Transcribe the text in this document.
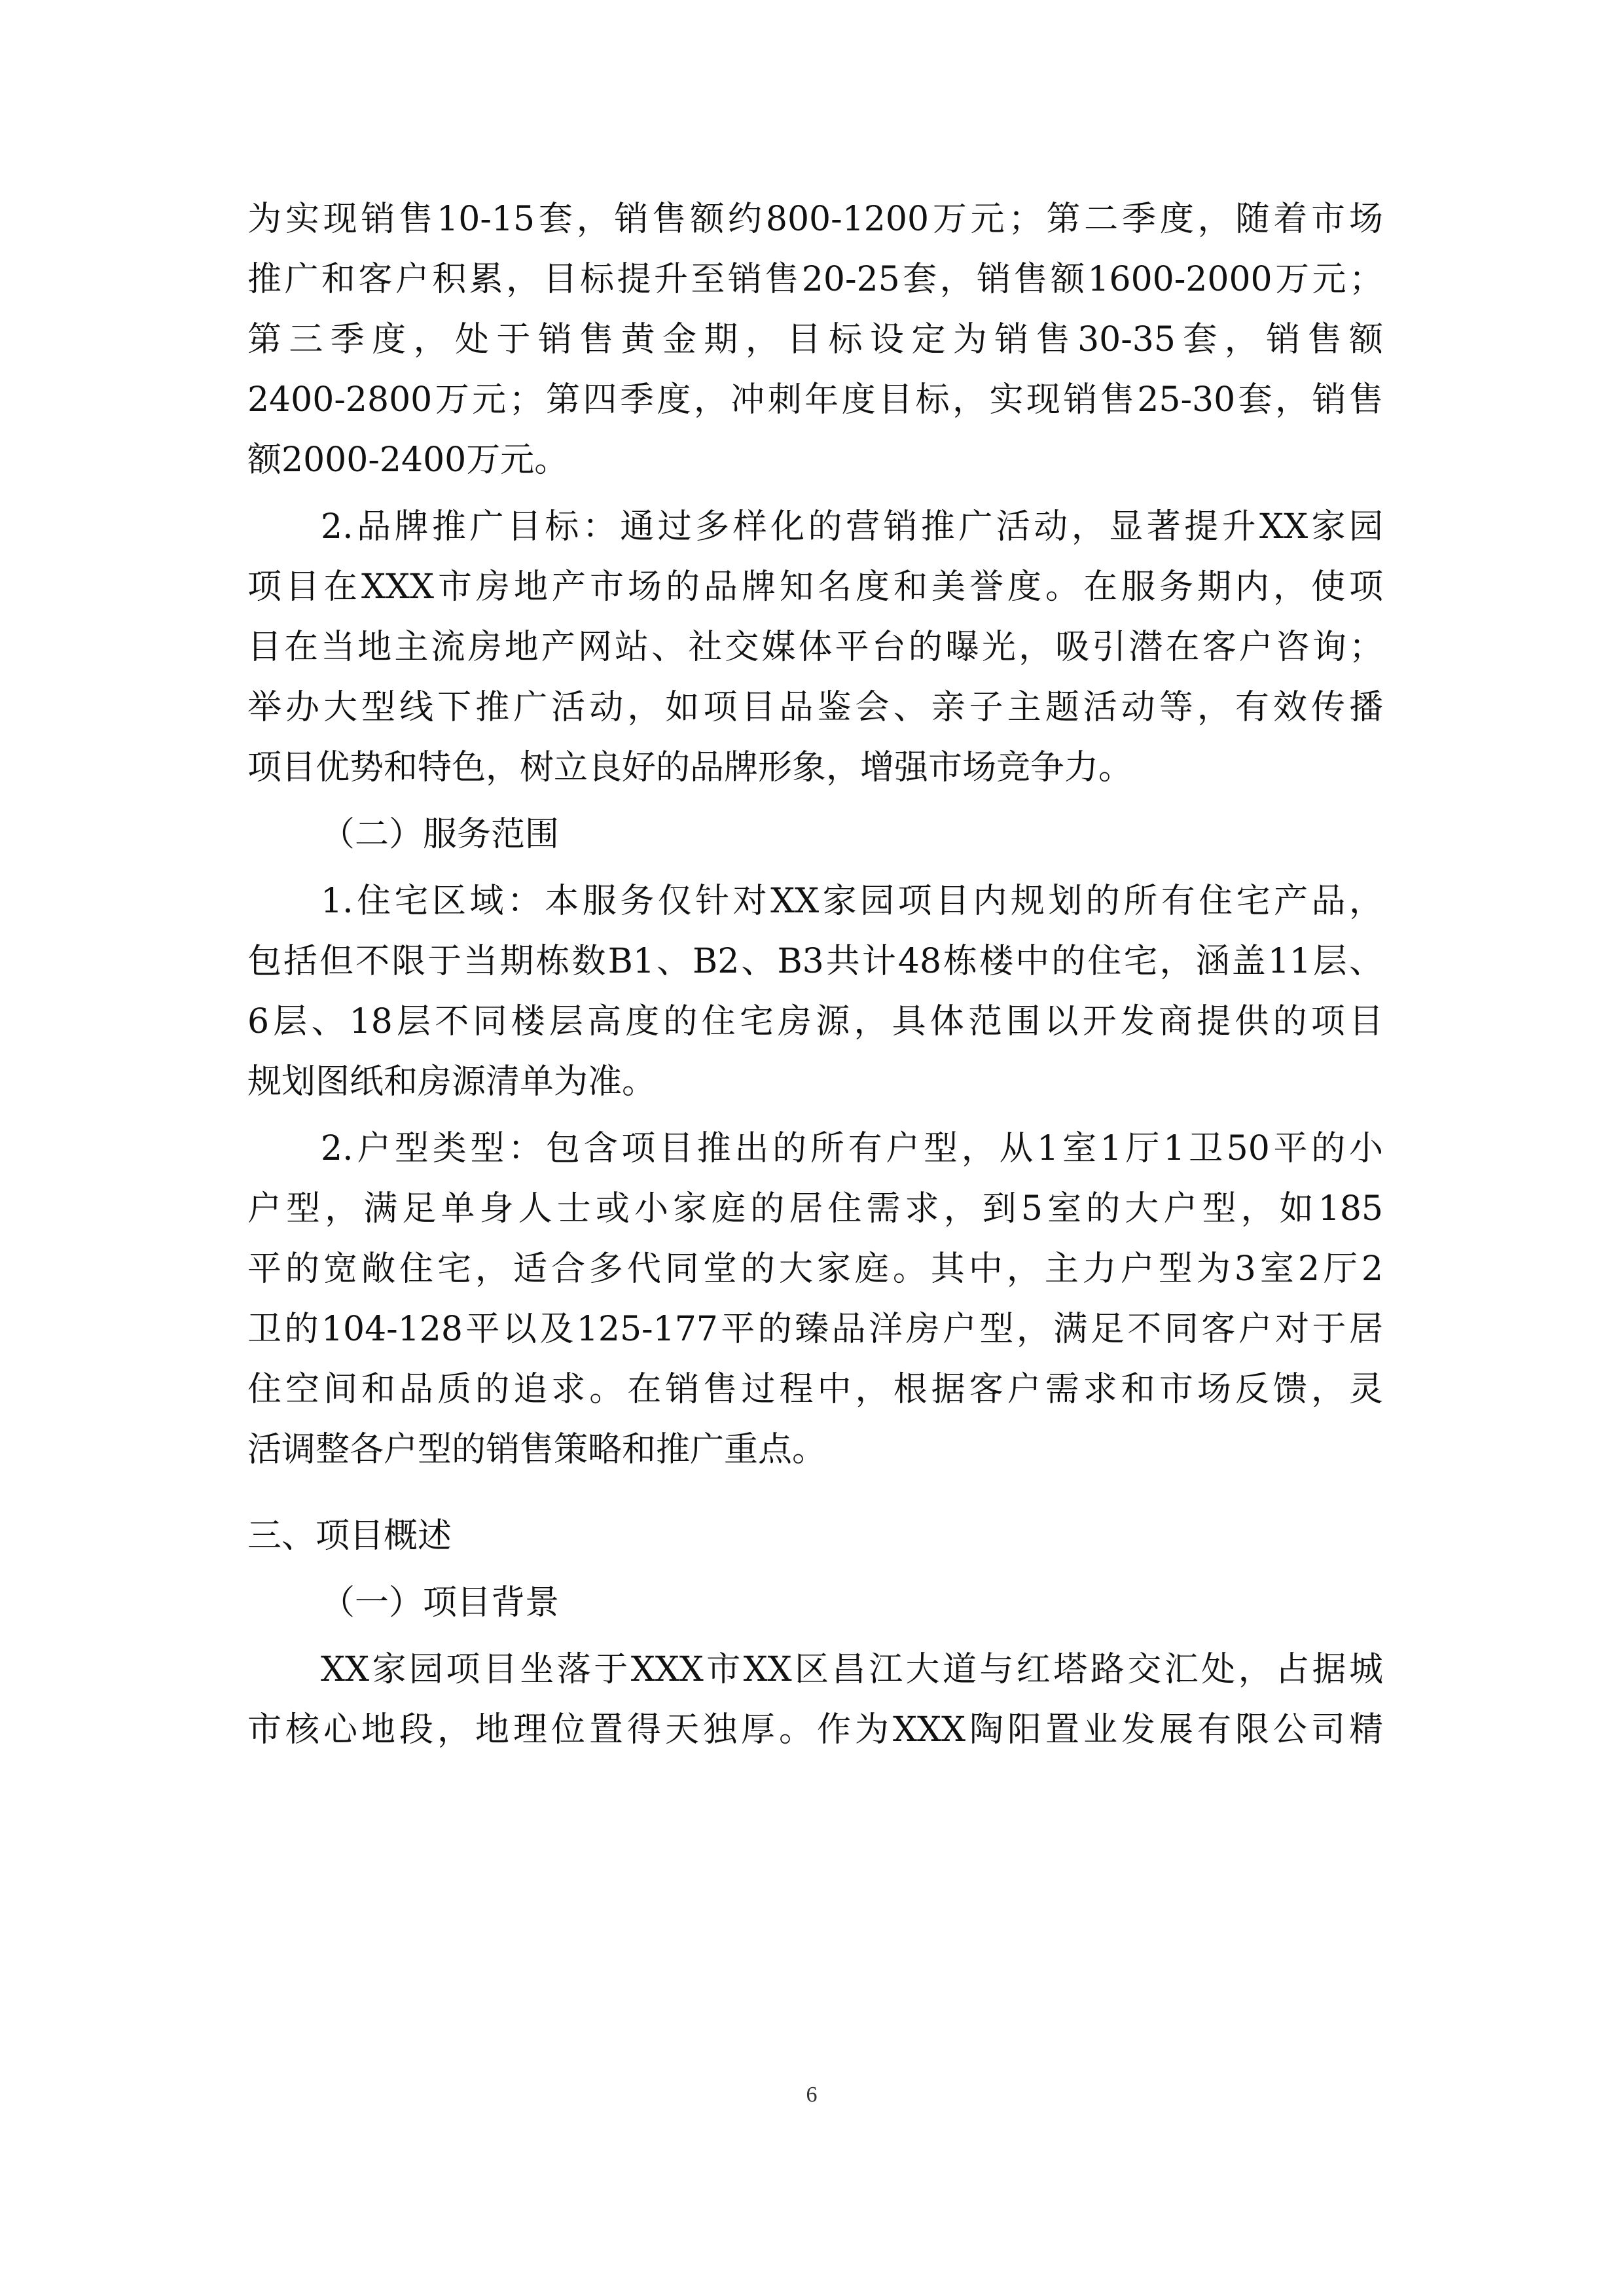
为实现销售10-15套，销售额约800-1200万元；第二季度，随着市场
推广和客户积累，目标提升至销售20-25套，销售额1600-2000万元；
第三季度，处于销售黄金期，目标设定为销售30-35套，销售额
2400-2800万元；第四季度，冲刺年度目标，实现销售25-30套，销售
额2000-2400万元。
2.品牌推广目标：通过多样化的营销推广活动，显著提升XX家园
项目在XXX市房地产市场的品牌知名度和美誉度。在服务期内，使项
目在当地主流房地产网站、社交媒体平台的曝光，吸引潜在客户咨询；
举办大型线下推广活动，如项目品鉴会、亲子主题活动等，有效传播
项目优势和特色，树立良好的品牌形象，增强市场竞争力。
（二）服务范围
1.住宅区域：本服务仅针对XX家园项目内规划的所有住宅产品，
包括但不限于当期栋数B1、B2、B3共计48栋楼中的住宅，涵盖11层、
6层、18层不同楼层高度的住宅房源，具体范围以开发商提供的项目
规划图纸和房源清单为准。
2.户型类型：包含项目推出的所有户型，从1室1厅1卫50平的小
户型，满足单身人士或小家庭的居住需求，到5室的大户型，如185
平的宽敞住宅，适合多代同堂的大家庭。其中，主力户型为3室2厅2
卫的104-128平以及125-177平的臻品洋房户型，满足不同客户对于居
住空间和品质的追求。在销售过程中，根据客户需求和市场反馈，灵
活调整各户型的销售策略和推广重点。
三、项目概述
（一）项目背景
XX家园项目坐落于XXX市XX区昌江大道与红塔路交汇处，占据城
市核心地段，地理位置得天独厚。作为XXX陶阳置业发展有限公司精
6
